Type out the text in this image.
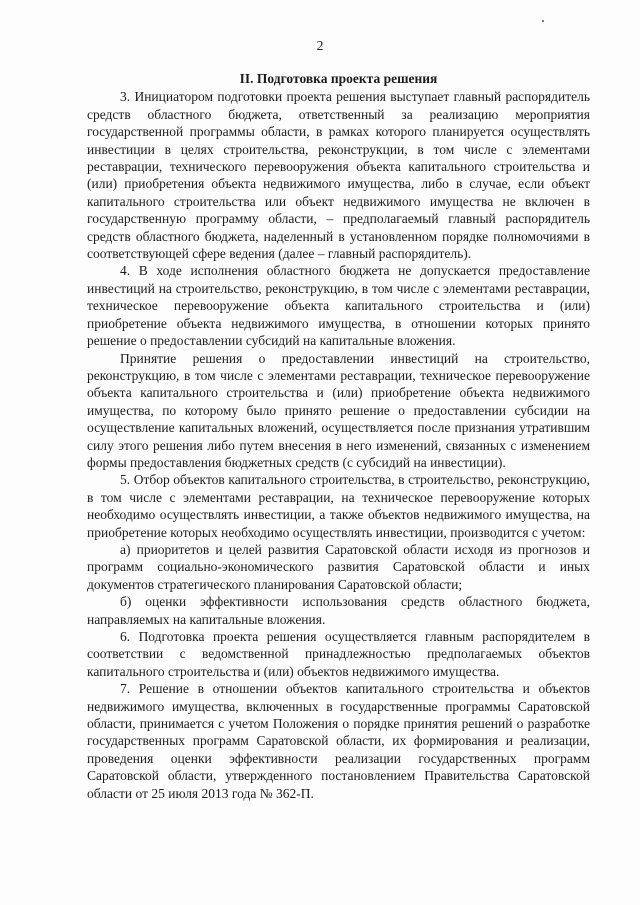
2

II. Подготовка проекта решения

3. Инициатором подготовки проекта решения выступает главный распорядитель средств областного бюджета, ответственный за реализацию мероприятия государственной программы области, в рамках которого планируется осуществлять инвестиции в целях строительства, реконструкции, в том числе с элементами реставрации, технического перевооружения объекта капитального строительства и (или) приобретения объекта недвижимого имущества, либо в случае, если объект капитального строительства или объект недвижимого имущества не включен в государственную программу области, – предполагаемый главный распорядитель средств областного бюджета, наделенный в установленном порядке полномочиями в соответствующей сфере ведения (далее – главный распорядитель).

4. В ходе исполнения областного бюджета не допускается предоставление инвестиций на строительство, реконструкцию, в том числе с элементами реставрации, техническое перевооружение объекта капитального строительства и (или) приобретение объекта недвижимого имущества, в отношении которых принято решение о предоставлении субсидий на капитальные вложения.

Принятие решения о предоставлении инвестиций на строительство, реконструкцию, в том числе с элементами реставрации, техническое перевооружение объекта капитального строительства и (или) приобретение объекта недвижимого имущества, по которому было принято решение о предоставлении субсидии на осуществление капитальных вложений, осуществляется после признания утратившим силу этого решения либо путем внесения в него изменений, связанных с изменением формы предоставления бюджетных средств (с субсидий на инвестиции).

5. Отбор объектов капитального строительства, в строительство, реконструкцию, в том числе с элементами реставрации, на техническое перевооружение которых необходимо осуществлять инвестиции, а также объектов недвижимого имущества, на приобретение которых необходимо осуществлять инвестиции, производится с учетом:

а) приоритетов и целей развития Саратовской области исходя из прогнозов и программ социально-экономического развития Саратовской области и иных документов стратегического планирования Саратовской области;

б) оценки эффективности использования средств областного бюджета, направляемых на капитальные вложения.

6. Подготовка проекта решения осуществляется главным распорядителем в соответствии с ведомственной принадлежностью предполагаемых объектов капитального строительства и (или) объектов недвижимого имущества.

7. Решение в отношении объектов капитального строительства и объектов недвижимого имущества, включенных в государственные программы Саратовской области, принимается с учетом Положения о порядке принятия решений о разработке государственных программ Саратовской области, их формирования и реализации, проведения оценки эффективности реализации государственных программ Саратовской области, утвержденного постановлением Правительства Саратовской области от 25 июля 2013 года № 362-П.
